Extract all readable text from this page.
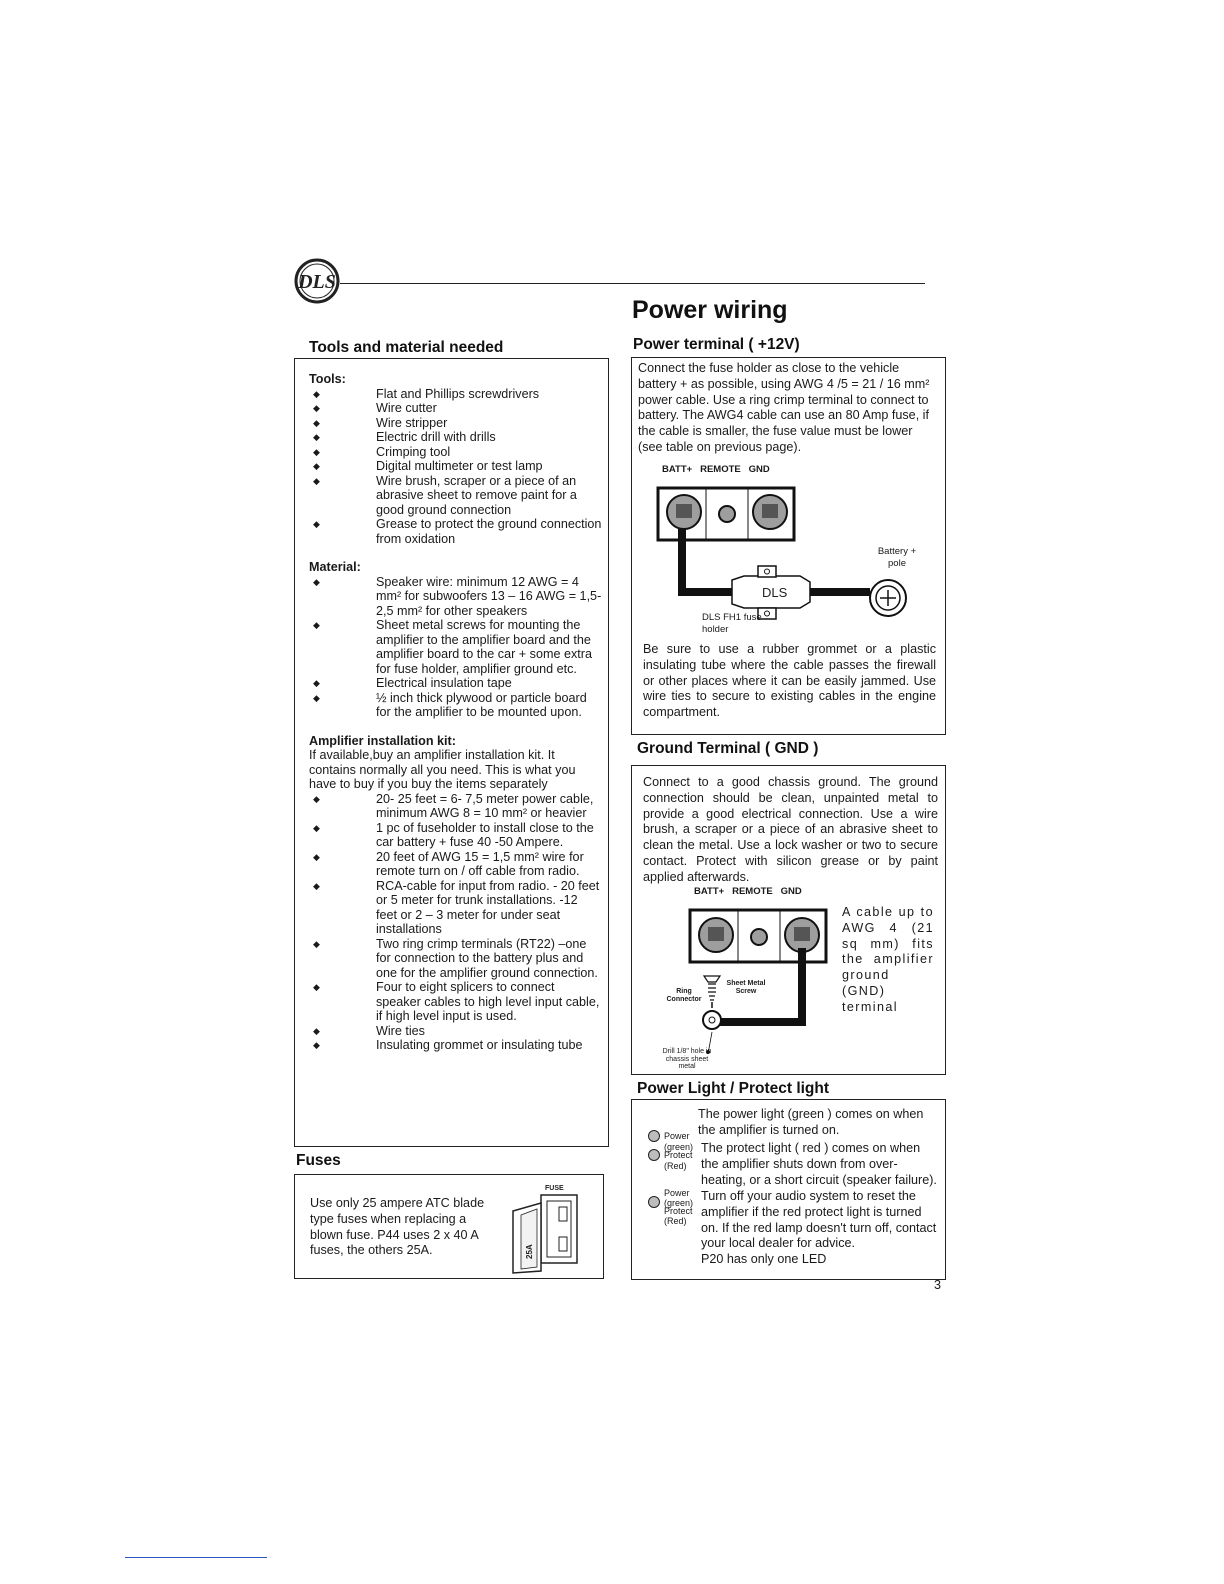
DLS
Power wiring
Tools and material needed
Tools:
◆	Flat and Phillips screwdrivers
◆	Wire cutter
◆	Wire stripper
◆	Electric drill with drills
◆	Crimping tool
◆	Digital multimeter or test lamp
◆	Wire brush, scraper or a piece of an abrasive sheet to remove paint for a good ground connection
◆	Grease to protect the ground connection from oxidation
Material:
◆	Speaker wire: minimum 12 AWG = 4 mm² for subwoofers 13 – 16 AWG = 1,5-2,5 mm² for other speakers
◆	Sheet metal screws for mounting the amplifier to the amplifier board and the amplifier board to the car + some extra for fuse holder, amplifier ground etc.
◆	Electrical insulation tape
◆	½ inch thick plywood or particle board for the amplifier to be mounted upon.
Amplifier installation kit:
If available,buy an amplifier installation kit. It contains normally all you need. This is what you have to buy if you buy the items separately
◆	20- 25 feet = 6- 7,5 meter power cable, minimum AWG 8 = 10 mm² or heavier
◆	1 pc of fuseholder to install close to the car battery + fuse 40 -50 Ampere.
◆	20 feet of AWG 15 = 1,5 mm² wire for remote turn on / off cable from radio.
◆	RCA-cable for input from radio. - 20 feet or 5 meter for trunk installations. -12 feet or 2 – 3 meter for under seat installations
◆	Two ring crimp terminals (RT22) –one for connection to the battery plus and one for the amplifier ground connection.
◆	Four to eight splicers to connect speaker cables to high level input cable, if high level input is used.
◆	Wire ties
◆	Insulating grommet or insulating tube
Fuses
Use only 25 ampere ATC blade type fuses when replacing a blown fuse. P44 uses 2 x 40 A fuses, the others 25A.
FUSE
25A
Power terminal ( +12V)
Connect the fuse holder as close to the vehicle battery + as possible, using AWG 4 /5 = 21 / 16 mm² power cable. Use a ring crimp terminal to connect to battery. The AWG4 cable can use an 80 Amp fuse, if the cable is smaller, the fuse value must be lower (see table on previous page).
BATT+   REMOTE   GND
DLS
Battery + pole
DLS FH1 fuse holder
Be sure to use a rubber grommet or a plastic insulating tube where the cable passes the firewall or other places where it can be easily jammed. Use wire ties to secure to existing cables in the engine compartment.
Ground Terminal ( GND )
Connect to a good chassis ground. The ground connection should be clean, unpainted metal to provide a good electrical connection. Use a wire brush, a scraper or a piece of an abrasive sheet to clean the metal. Use a lock washer or two to secure contact. Protect with silicon grease or by paint applied afterwards.
BATT+   REMOTE   GND
Ring Connector
Sheet Metal Screw
Drill 1/8" hole in chassis sheet metal
A cable up to AWG 4 (21 sq mm) fits the amplifier ground (GND) terminal
Power Light / Protect light
Power
(green)
Protect
(Red)
Power
(green)
Protect
(Red)
The power light (green ) comes on when the amplifier is turned on.
The protect light ( red ) comes on when the amplifier shuts down from over-heating, or a short circuit (speaker failure).
Turn off your audio system to reset the amplifier if the red protect light is turned on. If the red lamp doesn't turn off, contact your local dealer for advice.
P20 has only one LED
3
